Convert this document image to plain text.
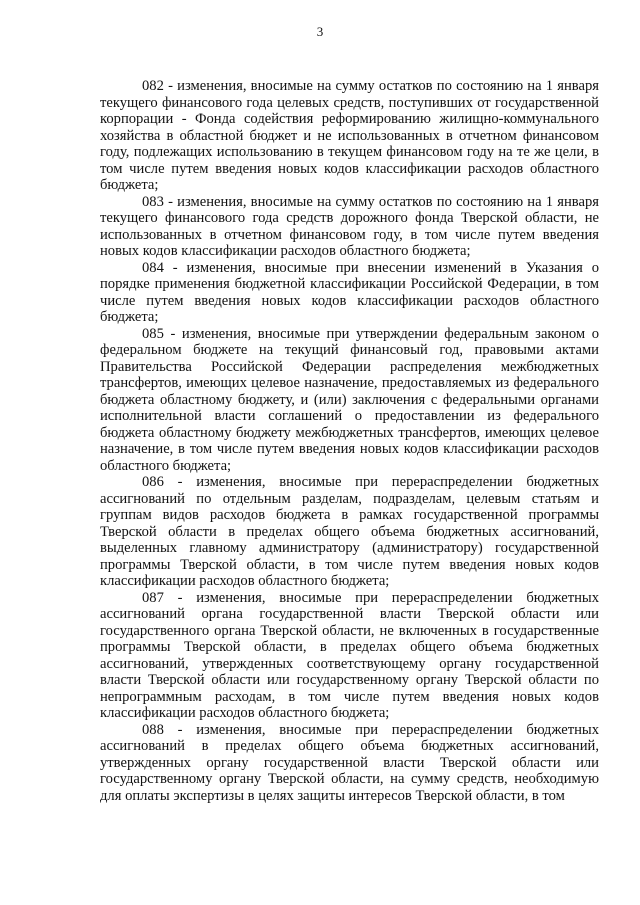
3

082 - изменения, вносимые на сумму остатков по состоянию на 1 января текущего финансового года целевых средств, поступивших от государственной корпорации - Фонда содействия реформированию жилищно-коммунального хозяйства в областной бюджет и не использованных в отчетном финансовом году, подлежащих использованию в текущем финансовом году на те же цели, в том числе путем введения новых кодов классификации расходов областного бюджета;

083 - изменения, вносимые на сумму остатков по состоянию на 1 января текущего финансового года средств дорожного фонда Тверской области, не использованных в отчетном финансовом году, в том числе путем введения новых кодов классификации расходов областного бюджета;

084 - изменения, вносимые при внесении изменений в Указания о порядке применения бюджетной классификации Российской Федерации, в том числе путем введения новых кодов классификации расходов областного бюджета;

085 - изменения, вносимые при утверждении федеральным законом о федеральном бюджете на текущий финансовый год, правовыми актами Правительства Российской Федерации распределения межбюджетных трансфертов, имеющих целевое назначение, предоставляемых из федерального бюджета областному бюджету, и (или) заключения с федеральными органами исполнительной власти соглашений о предоставлении из федерального бюджета областному бюджету межбюджетных трансфертов, имеющих целевое назначение, в том числе путем введения новых кодов классификации расходов областного бюджета;

086 - изменения, вносимые при перераспределении бюджетных ассигнований по отдельным разделам, подразделам, целевым статьям и группам видов расходов бюджета в рамках государственной программы Тверской области в пределах общего объема бюджетных ассигнований, выделенных главному администратору (администратору) государственной программы Тверской области, в том числе путем введения новых кодов классификации расходов областного бюджета;

087 - изменения, вносимые при перераспределении бюджетных ассигнований органа государственной власти Тверской области или государственного органа Тверской области, не включенных в государственные программы Тверской области, в пределах общего объема бюджетных ассигнований, утвержденных соответствующему органу государственной власти Тверской области или государственному органу Тверской области по непрограммным расходам, в том числе путем введения новых кодов классификации расходов областного бюджета;

088 - изменения, вносимые при перераспределении бюджетных ассигнований в пределах общего объема бюджетных ассигнований, утвержденных органу государственной власти Тверской области или государственному органу Тверской области, на сумму средств, необходимую для оплаты экспертизы в целях защиты интересов Тверской области, в том
